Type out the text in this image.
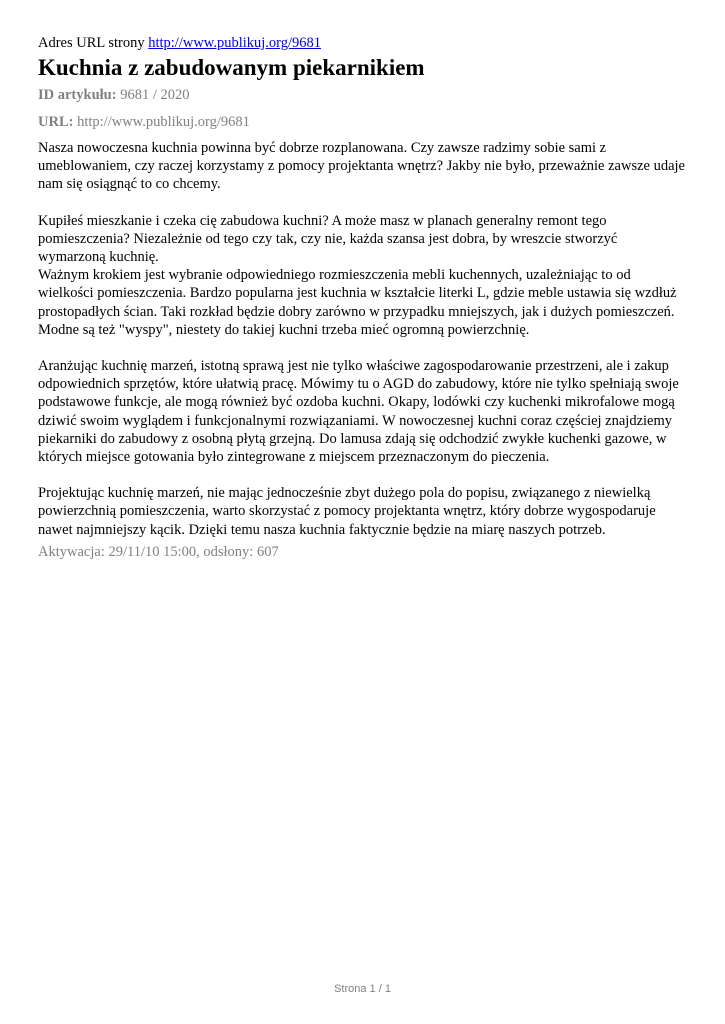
Adres URL strony http://www.publikuj.org/9681

Kuchnia z zabudowanym piekarnikiem

ID artykułu: 9681 / 2020

URL: http://www.publikuj.org/9681

Nasza nowoczesna kuchnia powinna być dobrze rozplanowana. Czy zawsze radzimy sobie sami z umeblowaniem, czy raczej korzystamy z pomocy projektanta wnętrz? Jakby nie było, przeważnie zawsze udaje nam się osiągnąć to co chcemy.

Kupiłeś mieszkanie i czeka cię zabudowa kuchni? A może masz w planach generalny remont tego pomieszczenia? Niezależnie od tego czy tak, czy nie, każda szansa jest dobra, by wreszcie stworzyć wymarzoną kuchnię.

Ważnym krokiem jest wybranie odpowiedniego rozmieszczenia mebli kuchennych, uzależniając to od wielkości pomieszczenia. Bardzo popularna jest kuchnia w kształcie literki L, gdzie meble ustawia się wzdłuż prostopadłych ścian. Taki rozkład będzie dobry zarówno w przypadku mniejszych, jak i dużych pomieszczeń. Modne są też "wyspy", niestety do takiej kuchni trzeba mieć ogromną powierzchnię.

Aranżując kuchnię marzeń, istotną sprawą jest nie tylko właściwe zagospodarowanie przestrzeni, ale i zakup odpowiednich sprzętów, które ułatwią pracę. Mówimy tu o AGD do zabudowy, które nie tylko spełniają swoje podstawowe funkcje, ale mogą również być ozdoba kuchni. Okapy, lodówki czy kuchenki mikrofalowe mogą dziwić swoim wyglądem i funkcjonalnymi rozwiązaniami. W nowoczesnej kuchni coraz częściej znajdziemy piekarniki do zabudowy z osobną płytą grzejną. Do lamusa zdają się odchodzić zwykłe kuchenki gazowe, w których miejsce gotowania było zintegrowane z miejscem przeznaczonym do pieczenia.

Projektując kuchnię marzeń, nie mając jednocześnie zbyt dużego pola do popisu, związanego z niewielką powierzchnią pomieszczenia, warto skorzystać z pomocy projektanta wnętrz, który dobrze wygospodaruje nawet najmniejszy kącik. Dzięki temu nasza kuchnia faktycznie będzie na miarę naszych potrzeb.

Aktywacja: 29/11/10 15:00, odsłony: 607

Strona 1 / 1
